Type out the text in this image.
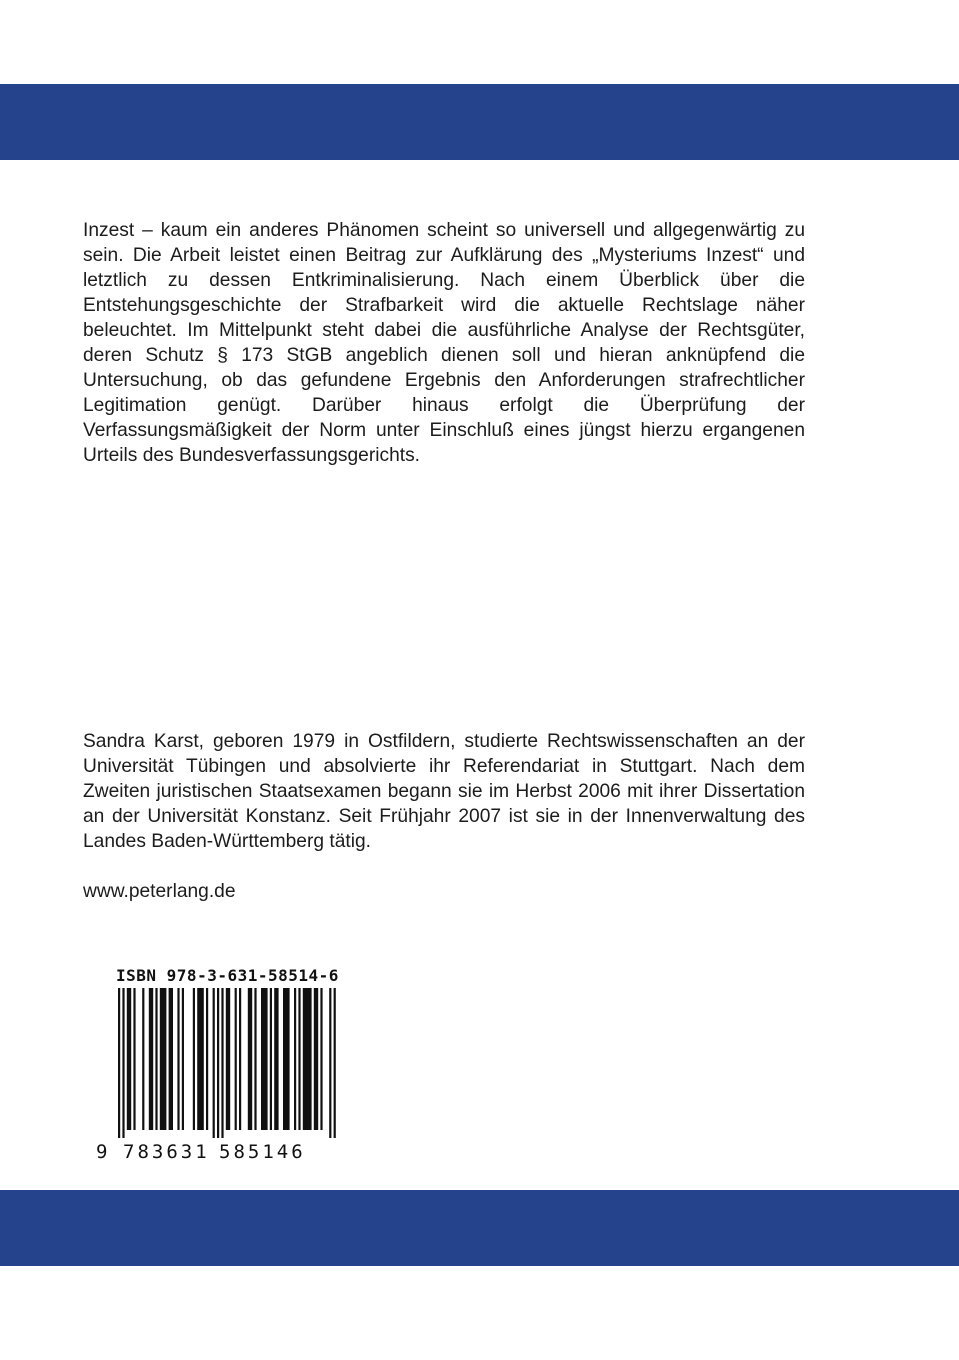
Inzest – kaum ein anderes Phänomen scheint so universell und allgegenwärtig zu sein. Die Arbeit leistet einen Beitrag zur Aufklärung des „Mysteriums Inzest“ und letztlich zu dessen Entkriminalisierung. Nach einem Überblick über die Entstehungsgeschichte der Strafbarkeit wird die aktuelle Rechtslage näher beleuchtet. Im Mittelpunkt steht dabei die ausführliche Analyse der Rechtsgüter, deren Schutz § 173 StGB angeblich dienen soll und hieran anknüpfend die Untersuchung, ob das gefundene Ergebnis den Anforderungen strafrechtlicher Legitimation genügt. Darüber hinaus erfolgt die Überprüfung der Verfassungsmäßigkeit der Norm unter Einschluß eines jüngst hierzu ergangenen Urteils des Bundesverfassungsgerichts.

Sandra Karst, geboren 1979 in Ostfildern, studierte Rechtswissenschaften an der Universität Tübingen und absolvierte ihr Referendariat in Stuttgart. Nach dem Zweiten juristischen Staatsexamen begann sie im Herbst 2006 mit ihrer Dissertation an der Universität Konstanz. Seit Frühjahr 2007 ist sie in der Innenverwaltung des Landes Baden-Württemberg tätig.

www.peterlang.de

9 783631 585146
ISBN 978-3-631-58514-6
